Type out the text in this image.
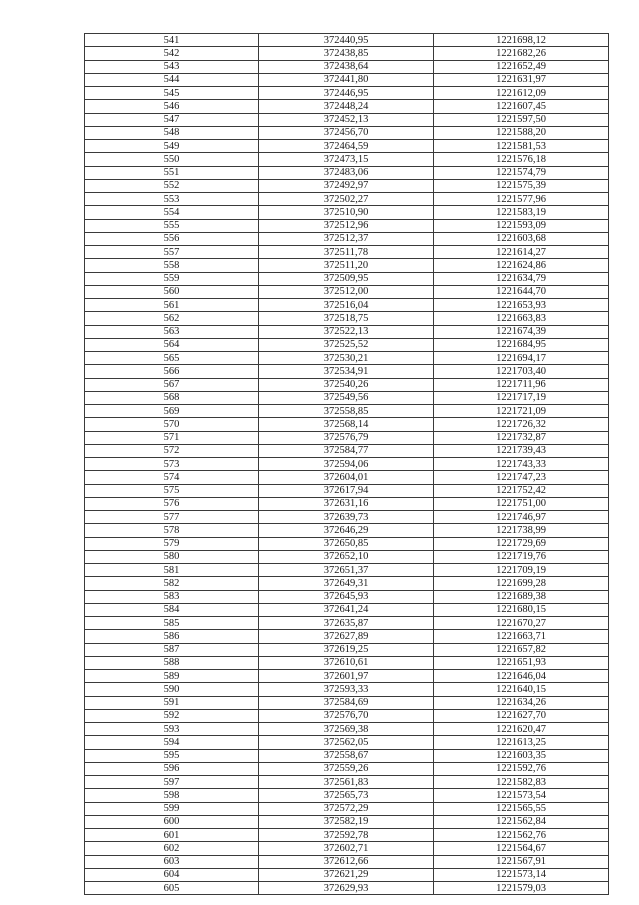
541	372440,95	1221698,12
542	372438,85	1221682,26
543	372438,64	1221652,49
544	372441,80	1221631,97
545	372446,95	1221612,09
546	372448,24	1221607,45
547	372452,13	1221597,50
548	372456,70	1221588,20
549	372464,59	1221581,53
550	372473,15	1221576,18
551	372483,06	1221574,79
552	372492,97	1221575,39
553	372502,27	1221577,96
554	372510,90	1221583,19
555	372512,96	1221593,09
556	372512,37	1221603,68
557	372511,78	1221614,27
558	372511,20	1221624,86
559	372509,95	1221634,79
560	372512,00	1221644,70
561	372516,04	1221653,93
562	372518,75	1221663,83
563	372522,13	1221674,39
564	372525,52	1221684,95
565	372530,21	1221694,17
566	372534,91	1221703,40
567	372540,26	1221711,96
568	372549,56	1221717,19
569	372558,85	1221721,09
570	372568,14	1221726,32
571	372576,79	1221732,87
572	372584,77	1221739,43
573	372594,06	1221743,33
574	372604,01	1221747,23
575	372617,94	1221752,42
576	372631,16	1221751,00
577	372639,73	1221746,97
578	372646,29	1221738,99
579	372650,85	1221729,69
580	372652,10	1221719,76
581	372651,37	1221709,19
582	372649,31	1221699,28
583	372645,93	1221689,38
584	372641,24	1221680,15
585	372635,87	1221670,27
586	372627,89	1221663,71
587	372619,25	1221657,82
588	372610,61	1221651,93
589	372601,97	1221646,04
590	372593,33	1221640,15
591	372584,69	1221634,26
592	372576,70	1221627,70
593	372569,38	1221620,47
594	372562,05	1221613,25
595	372558,67	1221603,35
596	372559,26	1221592,76
597	372561,83	1221582,83
598	372565,73	1221573,54
599	372572,29	1221565,55
600	372582,19	1221562,84
601	372592,78	1221562,76
602	372602,71	1221564,67
603	372612,66	1221567,91
604	372621,29	1221573,14
605	372629,93	1221579,03
